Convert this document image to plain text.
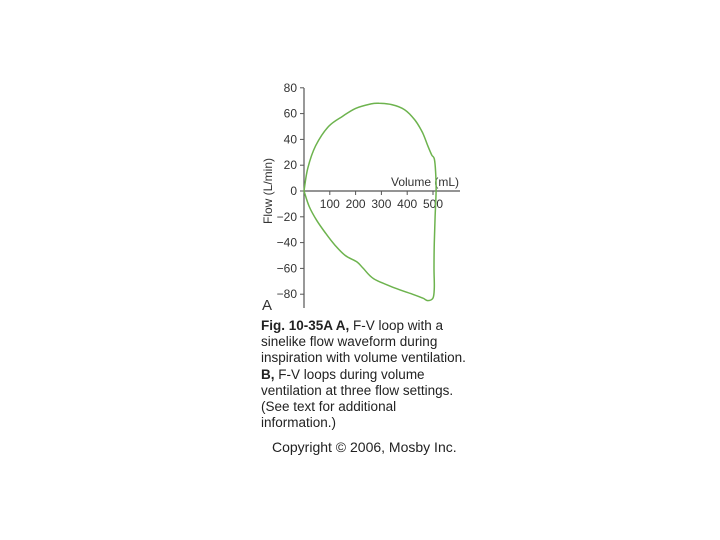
80
60
40
20
0
−20
−40
−60
−80
100 200 300 400 500
Volume (mL)
Flow (L/min)
A
Fig. 10-35A A, F-V loop with a sinelike flow waveform during inspiration with volume ventilation. B, F-V loops during volume ventilation at three flow settings. (See text for additional information.)
Copyright © 2006, Mosby Inc.
